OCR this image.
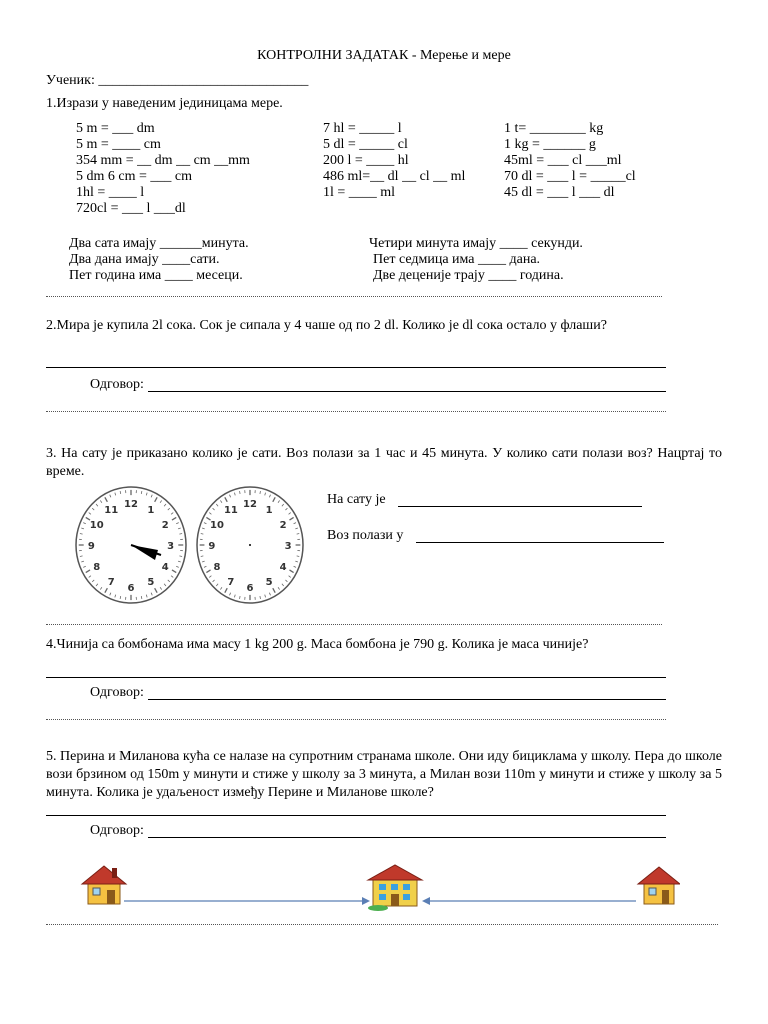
КОНТРОЛНИ ЗАДАТАК - Мерење и мере
Ученик: ______________________________
1.Изрази у наведеним јединицама мере.
5 m = ___ dm
5 m = ____ cm
354 mm = __ dm __ cm __mm
5 dm 6 cm = ___ cm
1hl = ____ l
720cl = ___ l ___dl
7 hl = _____ l
5 dl = _____ cl
200 l = ____ hl
486 ml=__ dl __ cl __ ml
1l = ____ ml
1 t= ________ kg
1 kg = ______ g
45ml = ___ cl ___ml
70 dl = ___ l = _____cl
45 dl = ___ l ___ dl
Два сата имају ______минута.
Два дана имају ____сати.
Пет година има ____ месеци.
Четири минута имају ____ секунди.
Пет седмица има ____ дана.
Две деценије трају ____ година.
2.Мира је купила 2l сока. Сок је сипала у 4 чаше од по 2 dl. Колико је dl сока остало у флаши?
Одговор:
3. На сату је приказано колико је сати. Воз полази за 1 час и 45 минута. У колико сати полази воз? Нацртај то време.
12
1
2
3
4
5
6
7
8
9
10
11
12
1
2
3
4
5
6
7
8
9
10
11
На сату је
Воз полази у
4.Чинија са бомбонама има масу 1 kg 200 g. Маса бомбона је 790 g. Колика је маса чиније?
Одговор:
5. Перина и Миланова кућа се налазе на супротним странама школе. Они иду бициклама у школу. Пера до школе вози брзином од 150m у минути и стиже у школу за 3 минута, а Милан вози 110m у минути и стиже у школу за 5 минута. Колика је удаљеност између Перине и Миланове школе?
Одговор:
